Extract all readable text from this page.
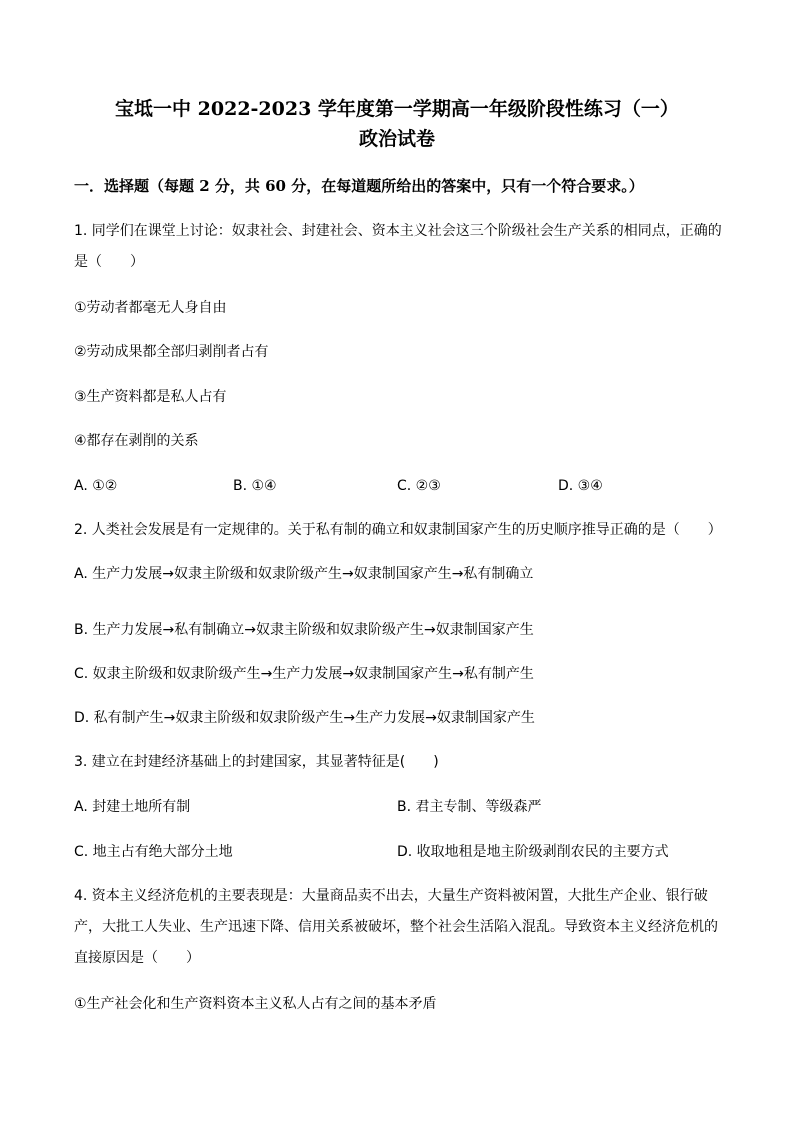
宝坻一中 2022-2023 学年度第一学期高一年级阶段性练习（一）
政治试卷
一．选择题（每题 2 分，共 60 分，在每道题所给出的答案中，只有一个符合要求。）
1. 同学们在课堂上讨论：奴隶社会、封建社会、资本主义社会这三个阶级社会生产关系的相同点，正确的
是（　　）
①劳动者都毫无人身自由
②劳动成果都全部归剥削者占有
③生产资料都是私人占有
④都存在剥削的关系
A. ①②	B. ①④	C. ②③	D. ③④
2. 人类社会发展是有一定规律的。关于私有制的确立和奴隶制国家产生的历史顺序推导正确的是（　　）
A. 生产力发展→奴隶主阶级和奴隶阶级产生→奴隶制国家产生→私有制确立
B. 生产力发展→私有制确立→奴隶主阶级和奴隶阶级产生→奴隶制国家产生
C. 奴隶主阶级和奴隶阶级产生→生产力发展→奴隶制国家产生→私有制产生
D. 私有制产生→奴隶主阶级和奴隶阶级产生→生产力发展→奴隶制国家产生
3. 建立在封建经济基础上的封建国家，其显著特征是(　　)
A. 封建土地所有制	B. 君主专制、等级森严
C. 地主占有绝大部分土地	D. 收取地租是地主阶级剥削农民的主要方式
4. 资本主义经济危机的主要表现是：大量商品卖不出去，大量生产资料被闲置，大批生产企业、银行破
产，大批工人失业、生产迅速下降、信用关系被破坏，整个社会生活陷入混乱。导致资本主义经济危机的
直接原因是（　　）
①生产社会化和生产资料资本主义私人占有之间的基本矛盾
